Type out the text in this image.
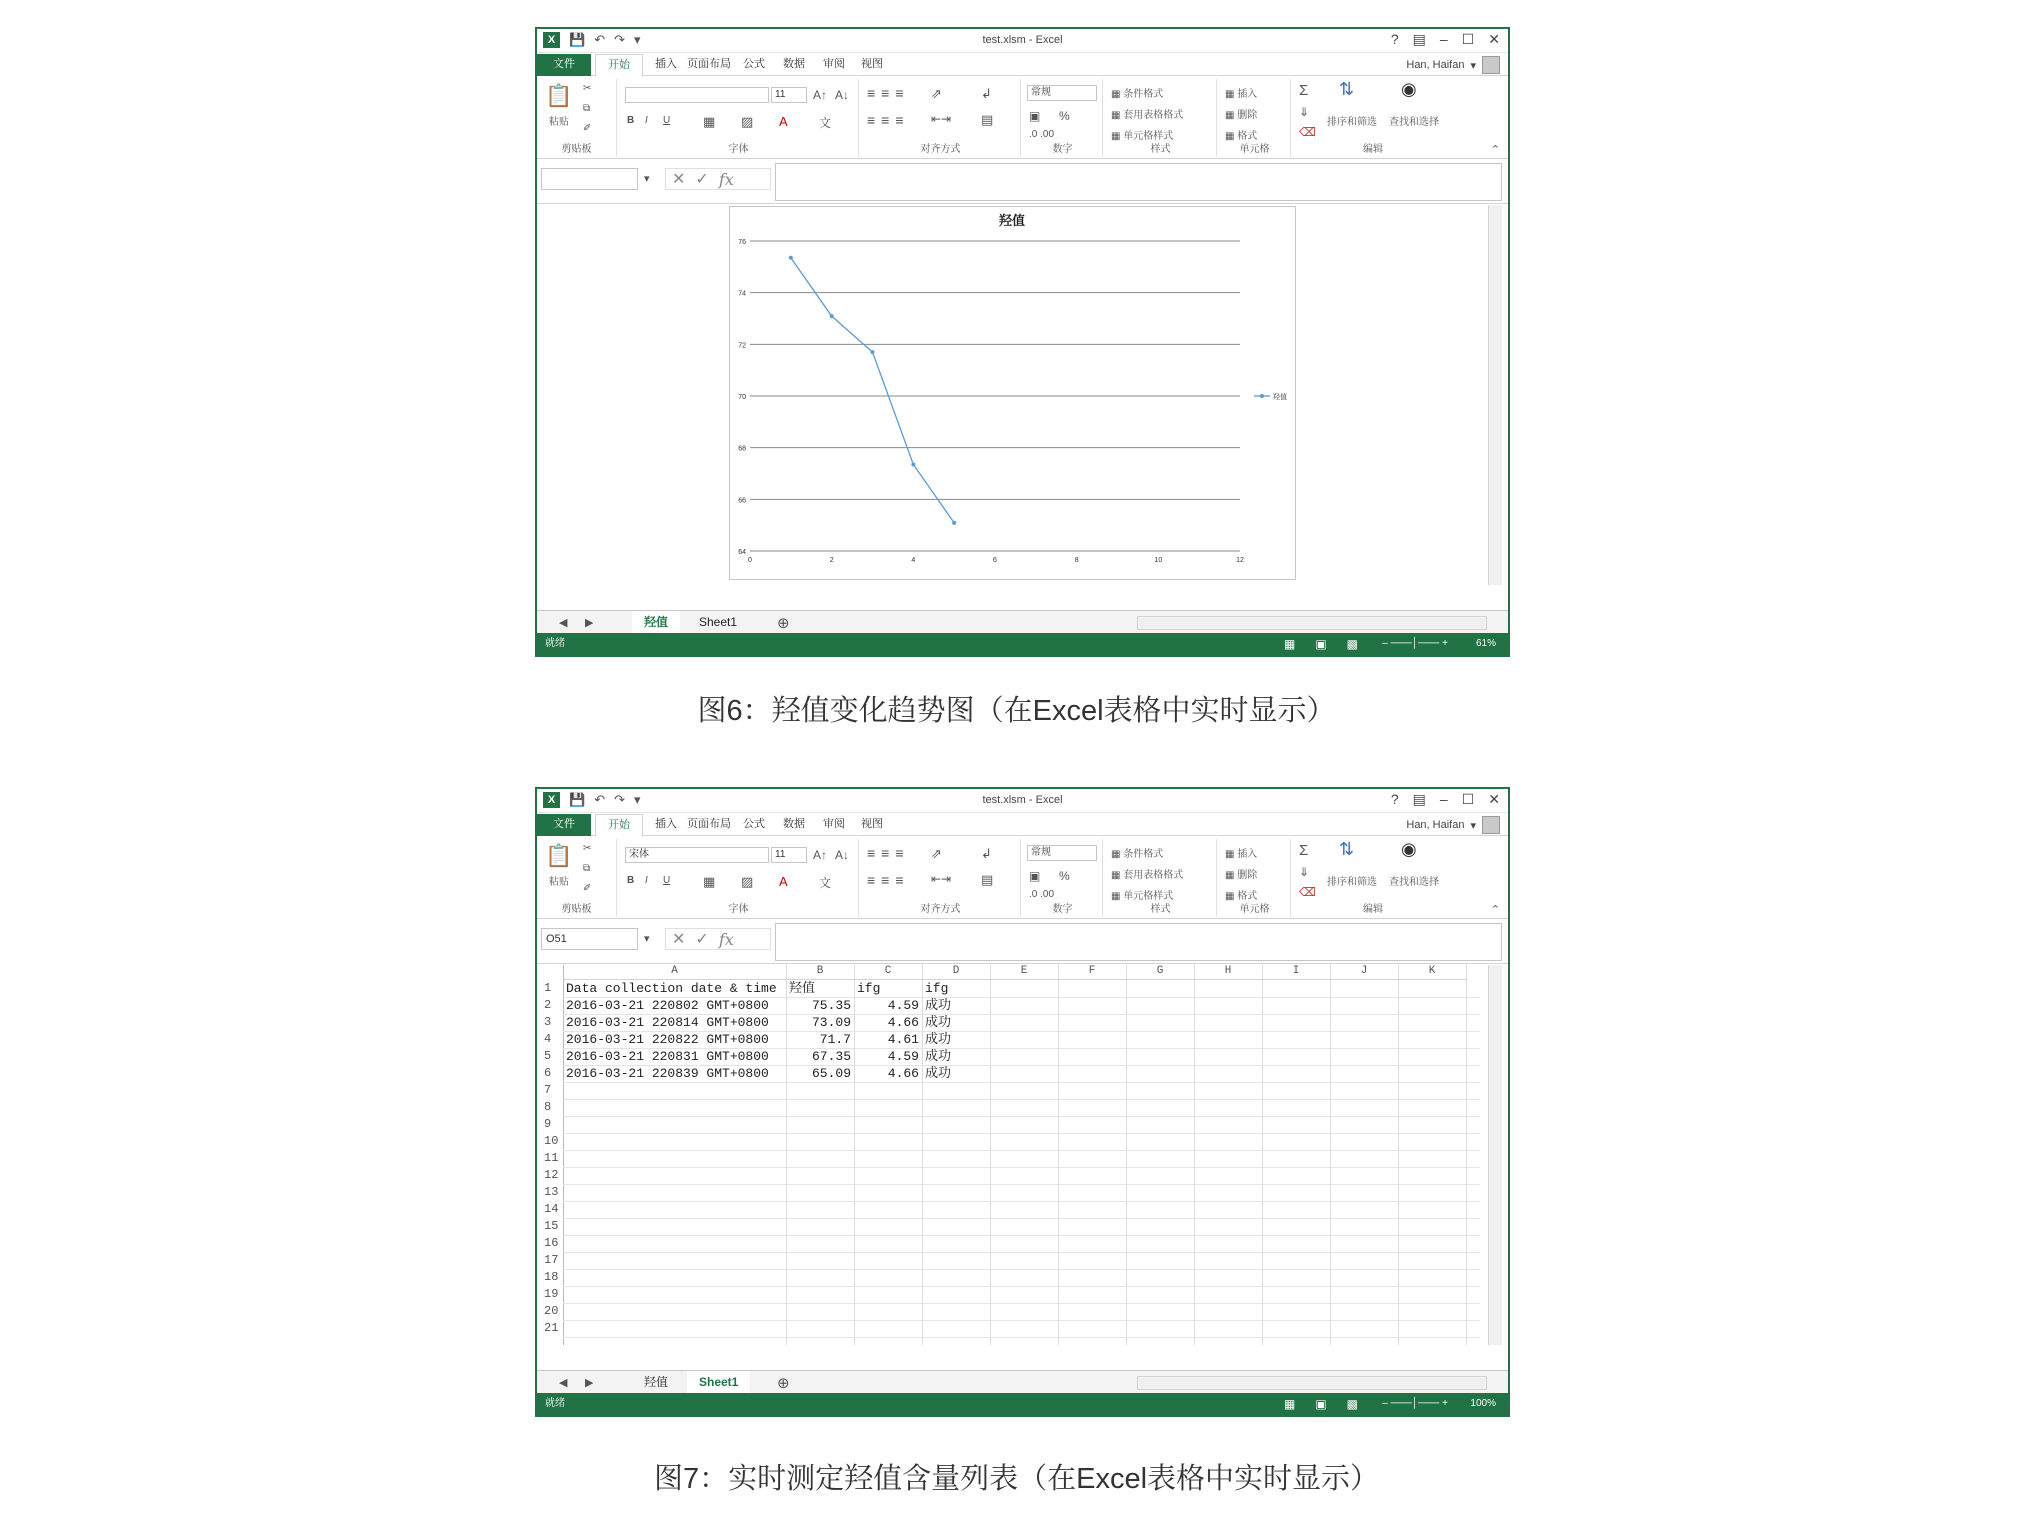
X	💾 ↶ ↷ ▾	test.xlsm - Excel	? ▤ – ☐ ✕
文件	开始	插入 页面布局	公式	数据	审阅	视图	Han, Haifan ▾
📋
粘贴
✂
⧉
✐
剪贴板
11	A↑ A↓
B I U	▦ ▨ A	文
字体
≡≡≡ ⇗	↲
≡≡≡ ⇤⇥ ▤
对齐方式
常规
▣ %
.0 .00
数字
▦ 条件格式
▦ 套用表格格式
▦ 单元格样式
样式
▦ 插入
▦ 删除
▦ 格式
单元格
Σ
⇓
⌫
⇅
排序和筛选
◉
查找和选择
编辑	⌃
▾ ✕ ✓ fx
羟值
64
66
68
70
72
74
76
0	2	4	6	8	10	12
羟值
◀ ▶	羟值	Sheet1	⊕
就绪	▦ ▣ ▩ – ───│─── +	61%
图6：羟值变化趋势图（在Excel表格中实时显示）
X	💾 ↶ ↷ ▾	test.xlsm - Excel	? ▤ – ☐ ✕
文件	开始	插入 页面布局	公式	数据	审阅	视图	Han, Haifan ▾
📋
粘贴
✂
⧉
✐
剪贴板
宋体	11	A↑ A↓
B I U	▦ ▨ A	文
字体
≡≡≡ ⇗	↲
≡≡≡ ⇤⇥ ▤
对齐方式
常规
▣ %
.0 .00
数字
▦ 条件格式
▦ 套用表格格式
▦ 单元格样式
样式
▦ 插入
▦ 删除
▦ 格式
单元格
Σ
⇓
⌫
⇅
排序和筛选
◉
查找和选择
编辑	⌃
O51	▾ ✕ ✓ fx
A	B	C	D	E	F	G	H	I	J	K
1
2
3
4
5
6
7
8
9
10
11
12
13
14
15
16
17
18
19
20
21
Data collection date & time 羟值	ifg	ifg
2016-03-21 220802 GMT+0800	75.35	4.59 成功
2016-03-21 220814 GMT+0800	73.09	4.66 成功
2016-03-21 220822 GMT+0800	71.7	4.61 成功
2016-03-21 220831 GMT+0800	67.35	4.59 成功
2016-03-21 220839 GMT+0800	65.09	4.66 成功
◀ ▶	羟值	Sheet1	⊕
就绪	▦ ▣ ▩ – ───│─── + 100%
图7：实时测定羟值含量列表（在Excel表格中实时显示）
